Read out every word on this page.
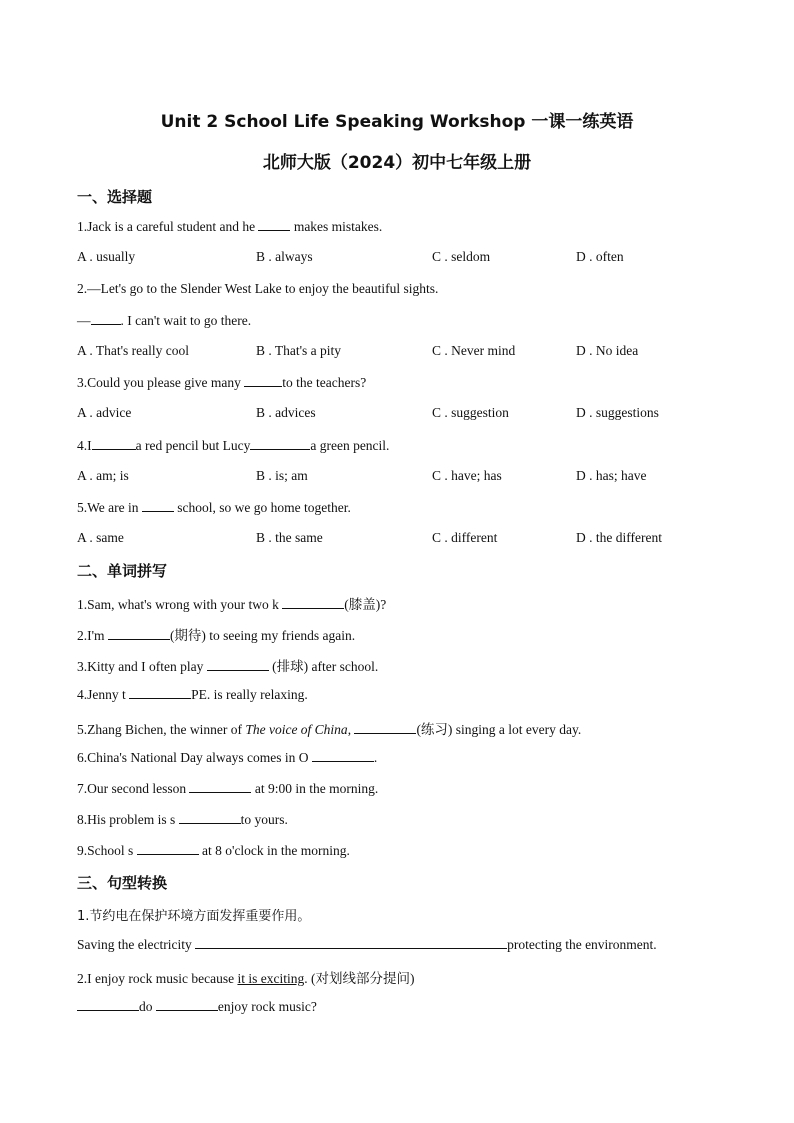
Unit 2 School Life Speaking Workshop 一课一练英语
北师大版（2024）初中七年级上册
一、选择题
1.Jack is a careful student and he  makes mistakes.
A . usually	B . always	C . seldom	D . often
2.—Let's go to the Slender West Lake to enjoy the beautiful sights.
— . I can't wait to go there.
A . That's really cool	B . That's a pity	C . Never mind	D . No idea
3.Could you please give many	to the teachers?
A . advice	B . advices	C . suggestion	D . suggestions
4.I	a red pencil but Lucy	a green pencil.
A . am; is	B . is; am	C . have; has	D . has; have
5.We are in  school, so we go home together.
A . same	B . the same	C . different	D . the different
二、单词拼写
1.Sam, what's wrong with your two k	(膝盖)?
2.I'm	(期待) to seeing my friends again.
3.Kitty and I often play	(排球) after school.
4.Jenny t	PE. is really relaxing.
5.Zhang Bichen, the winner of The voice of China,	(练习) singing a lot every day.
6.China's National Day always comes in O	.
7.Our second lesson	at 9:00 in the morning.
8.His problem is s	to yours.
9.School s	at 8 o'clock in the morning.
三、句型转换
1.节约电在保护环境方面发挥重要作用。
Saving the electricity	protecting the environment.
2.I enjoy rock music because it is exciting. (对划线部分提问)
do	enjoy rock music?
